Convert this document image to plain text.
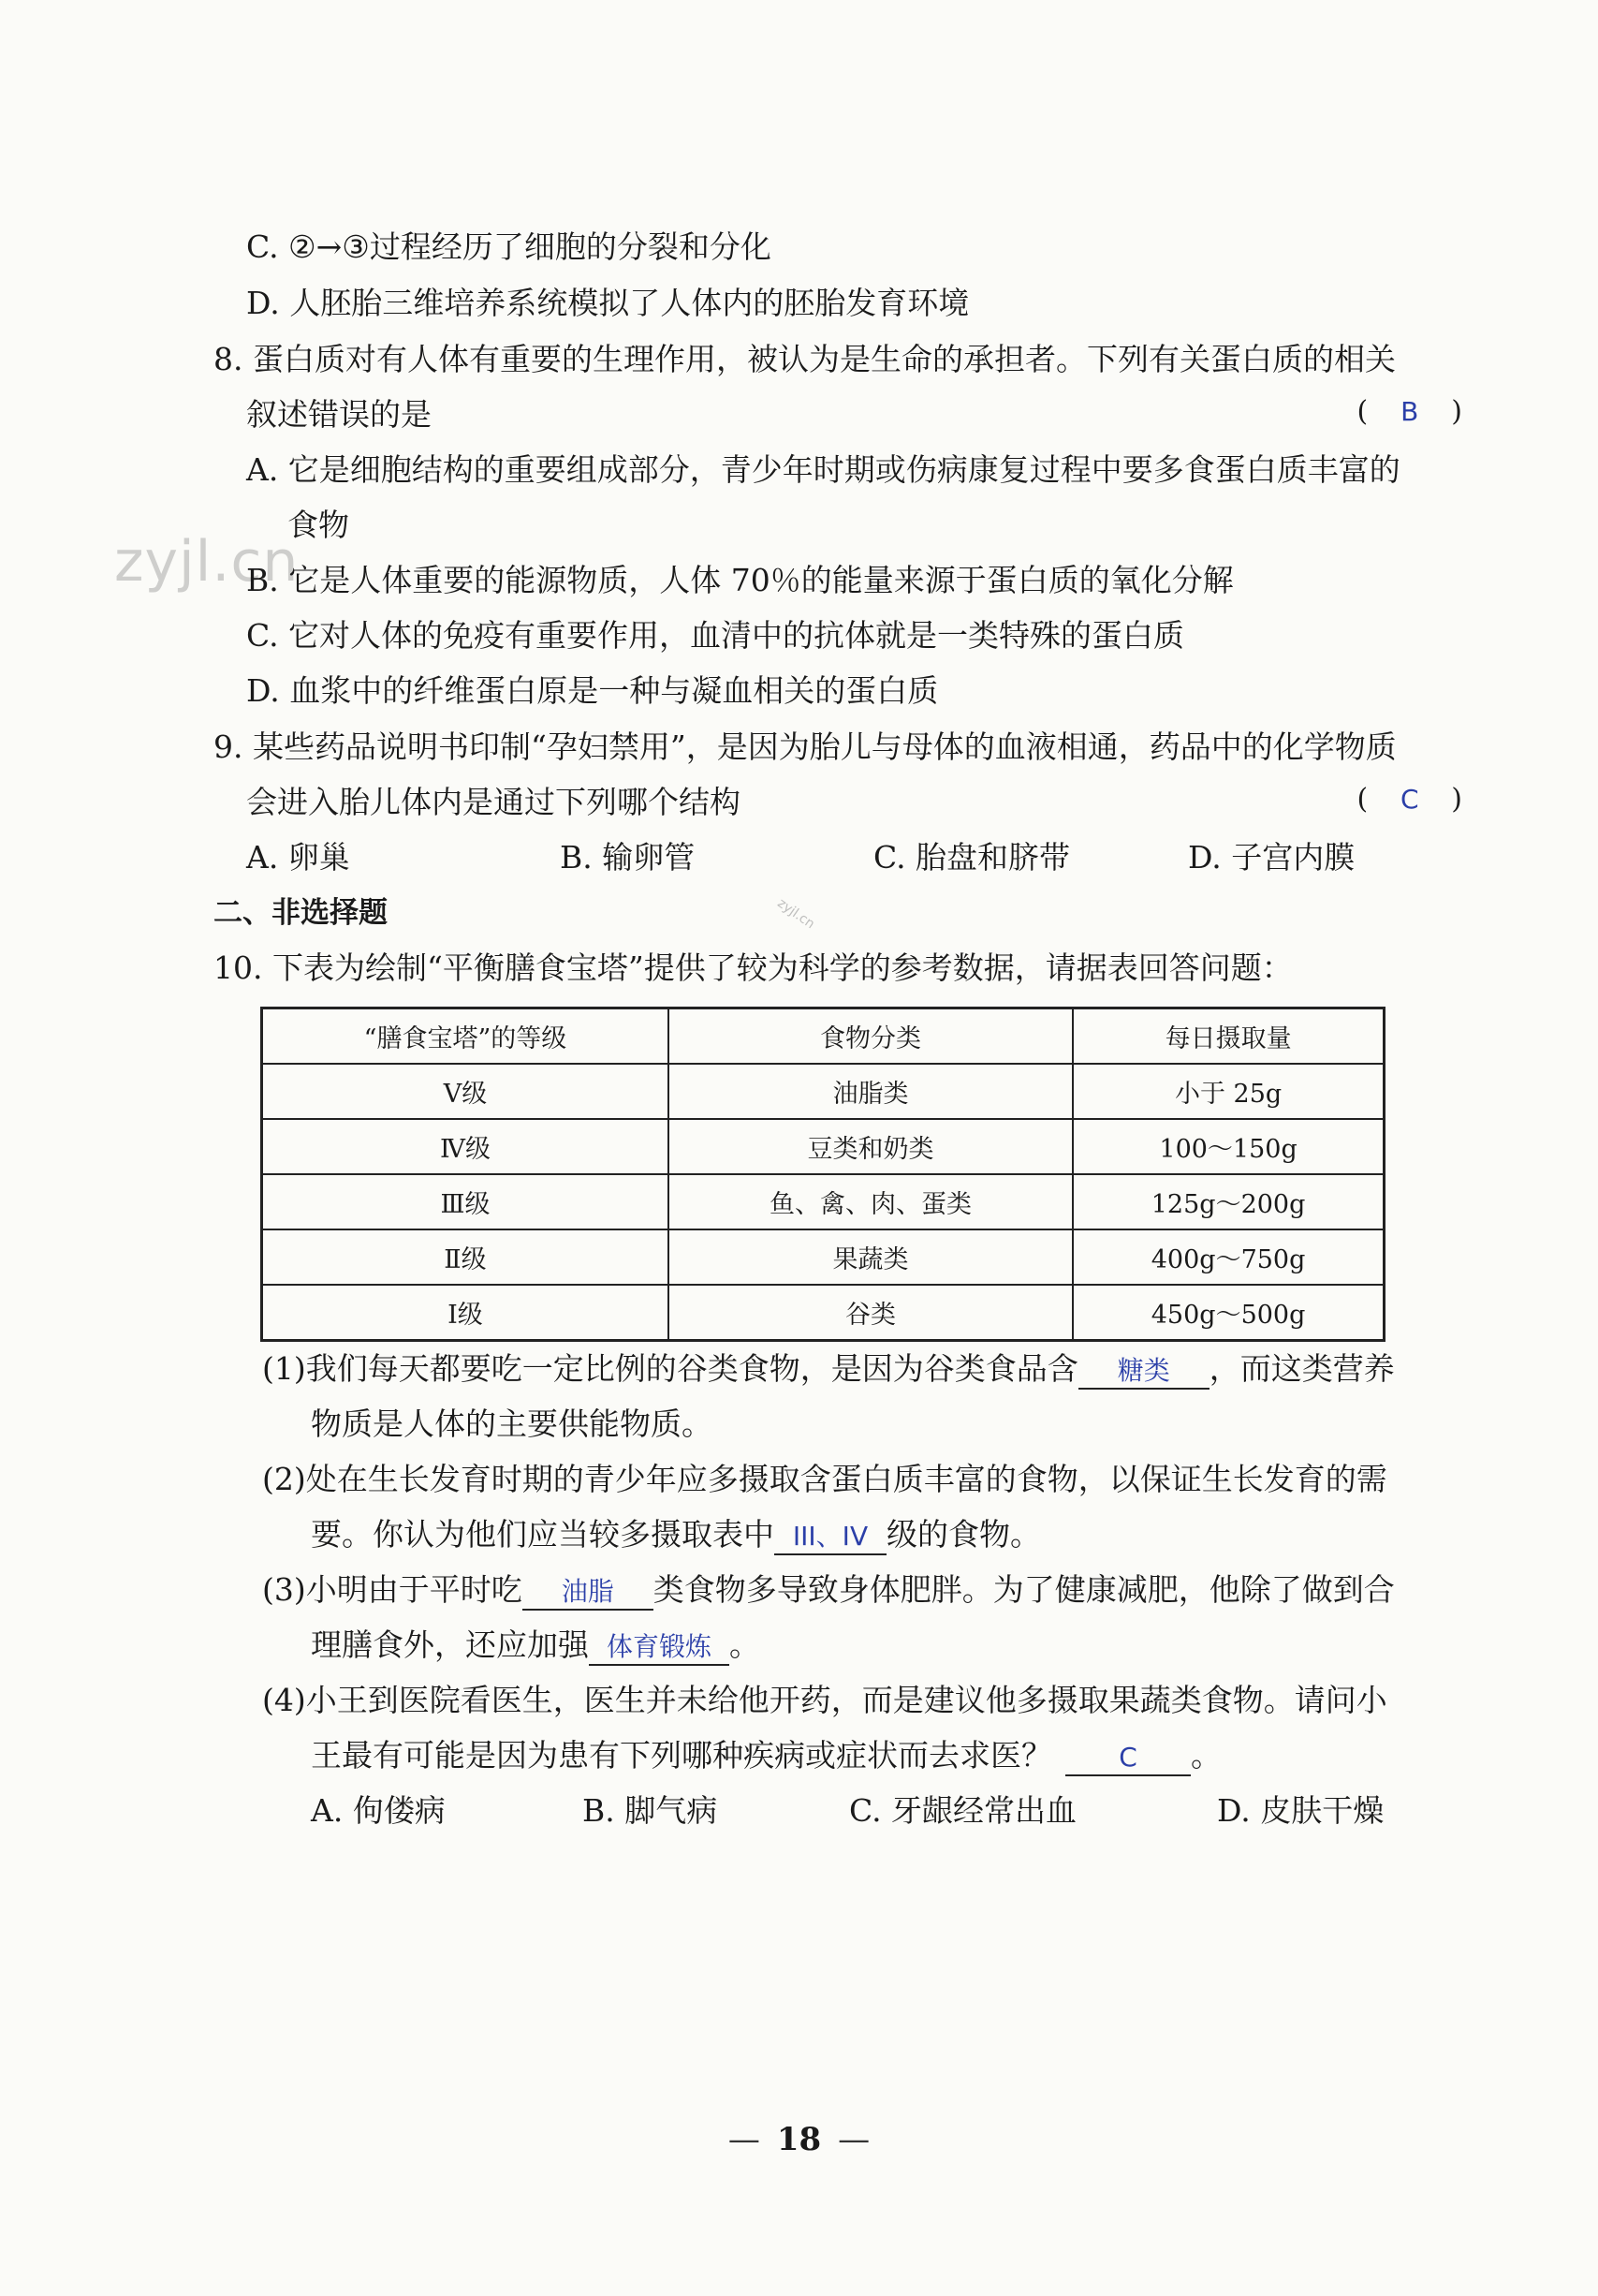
zyjl.cn
zyjl.cn
C. ②→③过程经历了细胞的分裂和分化
D. 人胚胎三维培养系统模拟了人体内的胚胎发育环境
8. 蛋白质对有人体有重要的生理作用，被认为是生命的承担者。下列有关蛋白质的相关
叙述错误的是	( B )
A. 它是细胞结构的重要组成部分，青少年时期或伤病康复过程中要多食蛋白质丰富的
食物
B. 它是人体重要的能源物质，人体 70％的能量来源于蛋白质的氧化分解
C. 它对人体的免疫有重要作用，血清中的抗体就是一类特殊的蛋白质
D. 血浆中的纤维蛋白原是一种与凝血相关的蛋白质
9. 某些药品说明书印制“孕妇禁用”，是因为胎儿与母体的血液相通，药品中的化学物质
会进入胎儿体内是通过下列哪个结构	( C )
A. 卵巢	B. 输卵管	C. 胎盘和脐带	D. 子宫内膜
二、非选择题
10. 下表为绘制“平衡膳食宝塔”提供了较为科学的参考数据，请据表回答问题：
“膳食宝塔”的等级	食物分类	每日摄取量
Ⅴ级	油脂类	小于 25g
Ⅳ级	豆类和奶类	100～150g
Ⅲ级	鱼、禽、肉、蛋类	125g～200g
Ⅱ级	果蔬类	400g～750g
Ⅰ级	谷类	450g～500g
(1)我们每天都要吃一定比例的谷类食物，是因为谷类食品含 糖类 ，而这类营养
物质是人体的主要供能物质。
(2)处在生长发育时期的青少年应多摄取含蛋白质丰富的食物，以保证生长发育的需
要。你认为他们应当较多摄取表中 III、IV 级的食物。
(3)小明由于平时吃 油脂 类食物多导致身体肥胖。为了健康减肥，他除了做到合
理膳食外，还应加强 体育锻炼 。
(4)小王到医院看医生，医生并未给他开药，而是建议他多摄取果蔬类食物。请问小
王最有可能是因为患有下列哪种疾病或症状而去求医？	C 。
A. 佝偻病	B. 脚气病	C. 牙龈经常出血	D. 皮肤干燥
— 18 —
